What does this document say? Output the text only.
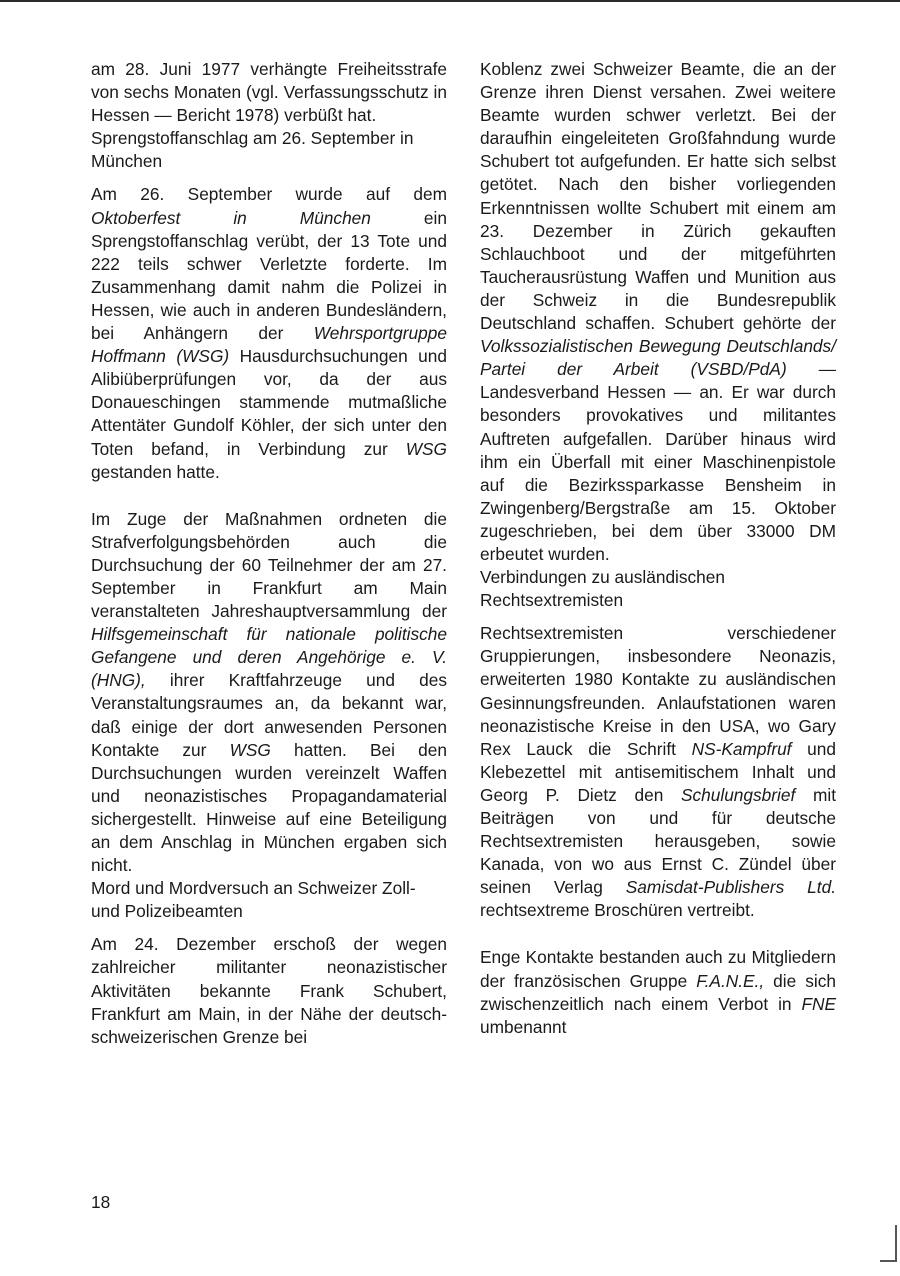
am 28. Juni 1977 verhängte Freiheitsstrafe von sechs Monaten (vgl. Verfassungsschutz in Hessen — Bericht 1978) verbüßt hat.

Sprengstoffanschlag am 26. September in München

Am 26. September wurde auf dem Oktoberfest in München ein Sprengstoffanschlag verübt, der 13 Tote und 222 teils schwer Verletzte forderte. Im Zusammenhang damit nahm die Polizei in Hessen, wie auch in anderen Bundesländern, bei Anhängern der Wehrsportgruppe Hoffmann (WSG) Hausdurchsuchungen und Alibiüberprüfungen vor, da der aus Donaueschingen stammende mutmaßliche Attentäter Gundolf Köhler, der sich unter den Toten befand, in Verbindung zur WSG gestanden hatte.

Im Zuge der Maßnahmen ordneten die Strafverfolgungsbehörden auch die Durchsuchung der 60 Teilnehmer der am 27. September in Frankfurt am Main veranstalteten Jahreshauptversammlung der Hilfsgemeinschaft für nationale politische Gefangene und deren Angehörige e. V. (HNG), ihrer Kraftfahrzeuge und des Veranstaltungsraumes an, da bekannt war, daß einige der dort anwesenden Personen Kontakte zur WSG hatten. Bei den Durchsuchungen wurden vereinzelt Waffen und neonazistisches Propagandamaterial sichergestellt. Hinweise auf eine Beteiligung an dem Anschlag in München ergaben sich nicht.

Mord und Mordversuch an Schweizer Zoll- und Polizeibeamten

Am 24. Dezember erschoß der wegen zahlreicher militanter neonazistischer Aktivitäten bekannte Frank Schubert, Frankfurt am Main, in der Nähe der deutsch-schweizerischen Grenze bei

Koblenz zwei Schweizer Beamte, die an der Grenze ihren Dienst versahen. Zwei weitere Beamte wurden schwer verletzt. Bei der daraufhin eingeleiteten Großfahndung wurde Schubert tot aufgefunden. Er hatte sich selbst getötet. Nach den bisher vorliegenden Erkenntnissen wollte Schubert mit einem am 23. Dezember in Zürich gekauften Schlauchboot und der mitgeführten Taucherausrüstung Waffen und Munition aus der Schweiz in die Bundesrepublik Deutschland schaffen. Schubert gehörte der Volkssozialistischen Bewegung Deutschlands/ Partei der Arbeit (VSBD/PdA) — Landesverband Hessen — an. Er war durch besonders provokatives und militantes Auftreten aufgefallen. Darüber hinaus wird ihm ein Überfall mit einer Maschinenpistole auf die Bezirkssparkasse Bensheim in Zwingenberg/Bergstraße am 15. Oktober zugeschrieben, bei dem über 33000 DM erbeutet wurden.

Verbindungen zu ausländischen Rechtsextremisten

Rechtsextremisten verschiedener Gruppierungen, insbesondere Neonazis, erweiterten 1980 Kontakte zu ausländischen Gesinnungsfreunden. Anlaufstationen waren neonazistische Kreise in den USA, wo Gary Rex Lauck die Schrift NS-Kampfruf und Klebezettel mit antisemitischem Inhalt und Georg P. Dietz den Schulungsbrief mit Beiträgen von und für deutsche Rechtsextremisten herausgeben, sowie Kanada, von wo aus Ernst C. Zündel über seinen Verlag Samisdat-Publishers Ltd. rechtsextreme Broschüren vertreibt.

Enge Kontakte bestanden auch zu Mitgliedern der französischen Gruppe F.A.N.E., die sich zwischenzeitlich nach einem Verbot in FNE umbenannt

18
